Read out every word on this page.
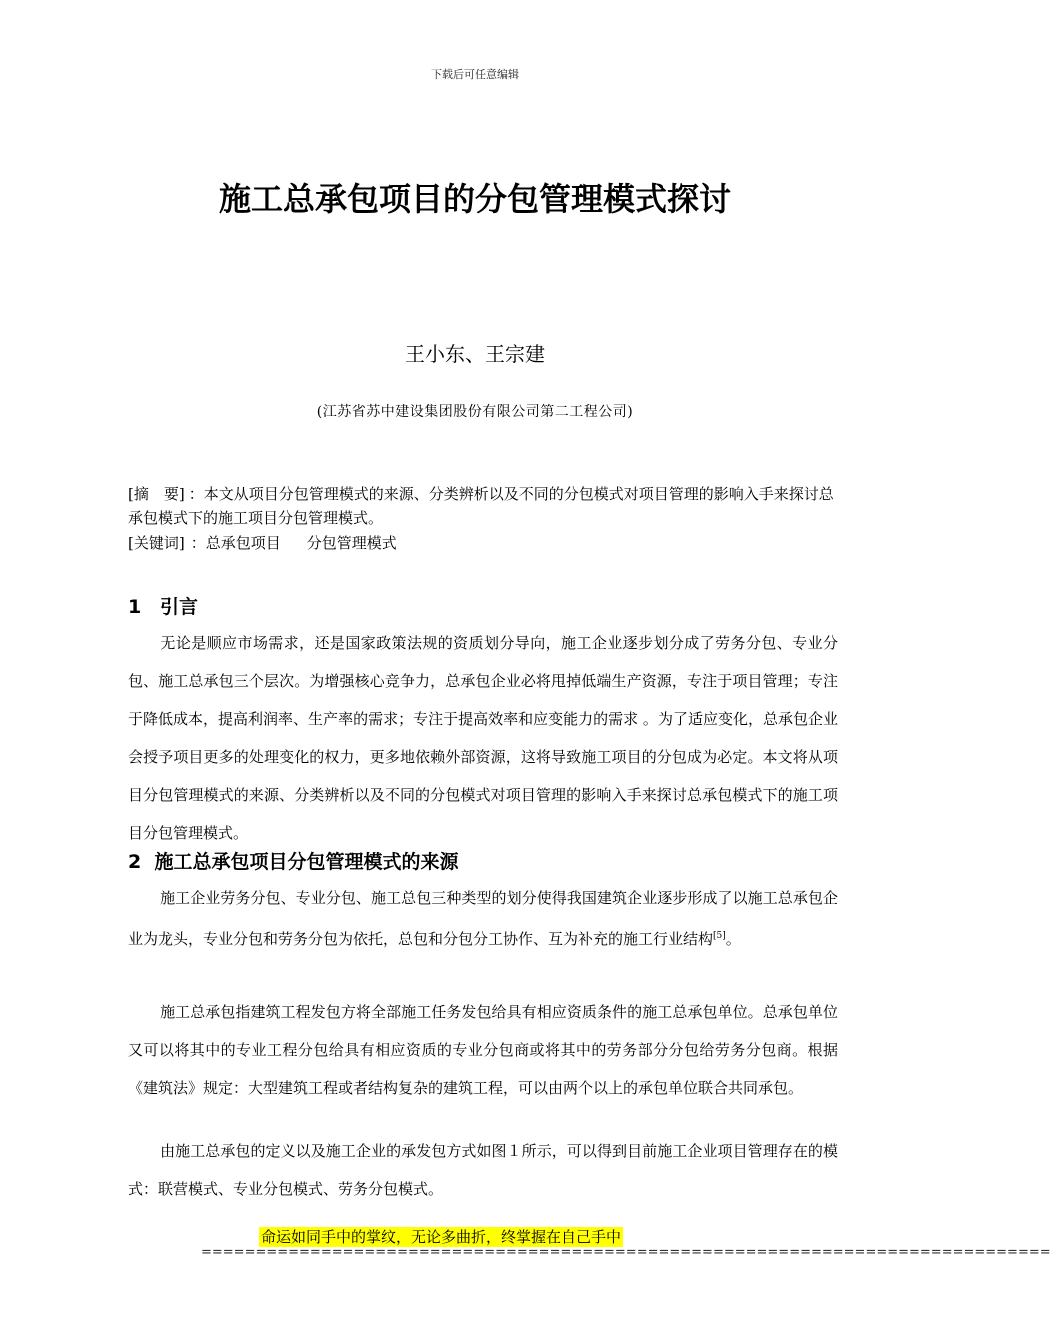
下载后可任意编辑
施工总承包项目的分包管理模式探讨
王小东、王宗建
(江苏省苏中建设集团股份有限公司第二工程公司)
[摘　要] ：本文从项目分包管理模式的来源、分类辨析以及不同的分包模式对项目管理的影响入手来探讨总承包模式下的施工项目分包管理模式。
[关键词] ：总承包项目 分包管理模式
1 引言
无论是顺应市场需求，还是国家政策法规的资质划分导向，施工企业逐步划分成了劳务分包、专业分包、施工总承包三个层次。为增强核心竞争力，总承包企业必将甩掉低端生产资源，专注于项目管理；专注于降低成本，提高利润率、生产率的需求；专注于提高效率和应变能力的需求 。为了适应变化，总承包企业会授予项目更多的处理变化的权力，更多地依赖外部资源，这将导致施工项目的分包成为必定。本文将从项目分包管理模式的来源、分类辨析以及不同的分包模式对项目管理的影响入手来探讨总承包模式下的施工项目分包管理模式。
2 施工总承包项目分包管理模式的来源
施工企业劳务分包、专业分包、施工总包三种类型的划分使得我国建筑企业逐步形成了以施工总承包企业为龙头，专业分包和劳务分包为依托，总包和分包分工协作、互为补充的施工行业结构[5]。
施工总承包指建筑工程发包方将全部施工任务发包给具有相应资质条件的施工总承包单位。总承包单位又可以将其中的专业工程分包给具有相应资质的专业分包商或将其中的劳务部分分包给劳务分包商。根据《建筑法》规定：大型建筑工程或者结构复杂的建筑工程，可以由两个以上的承包单位联合共同承包。
由施工总承包的定义以及施工企业的承发包方式如图１所示，可以得到目前施工企业项目管理存在的模式：联营模式、专业分包模式、劳务分包模式。
命运如同手中的掌纹，无论多曲折，终掌握在自己手中
==============================================================================
